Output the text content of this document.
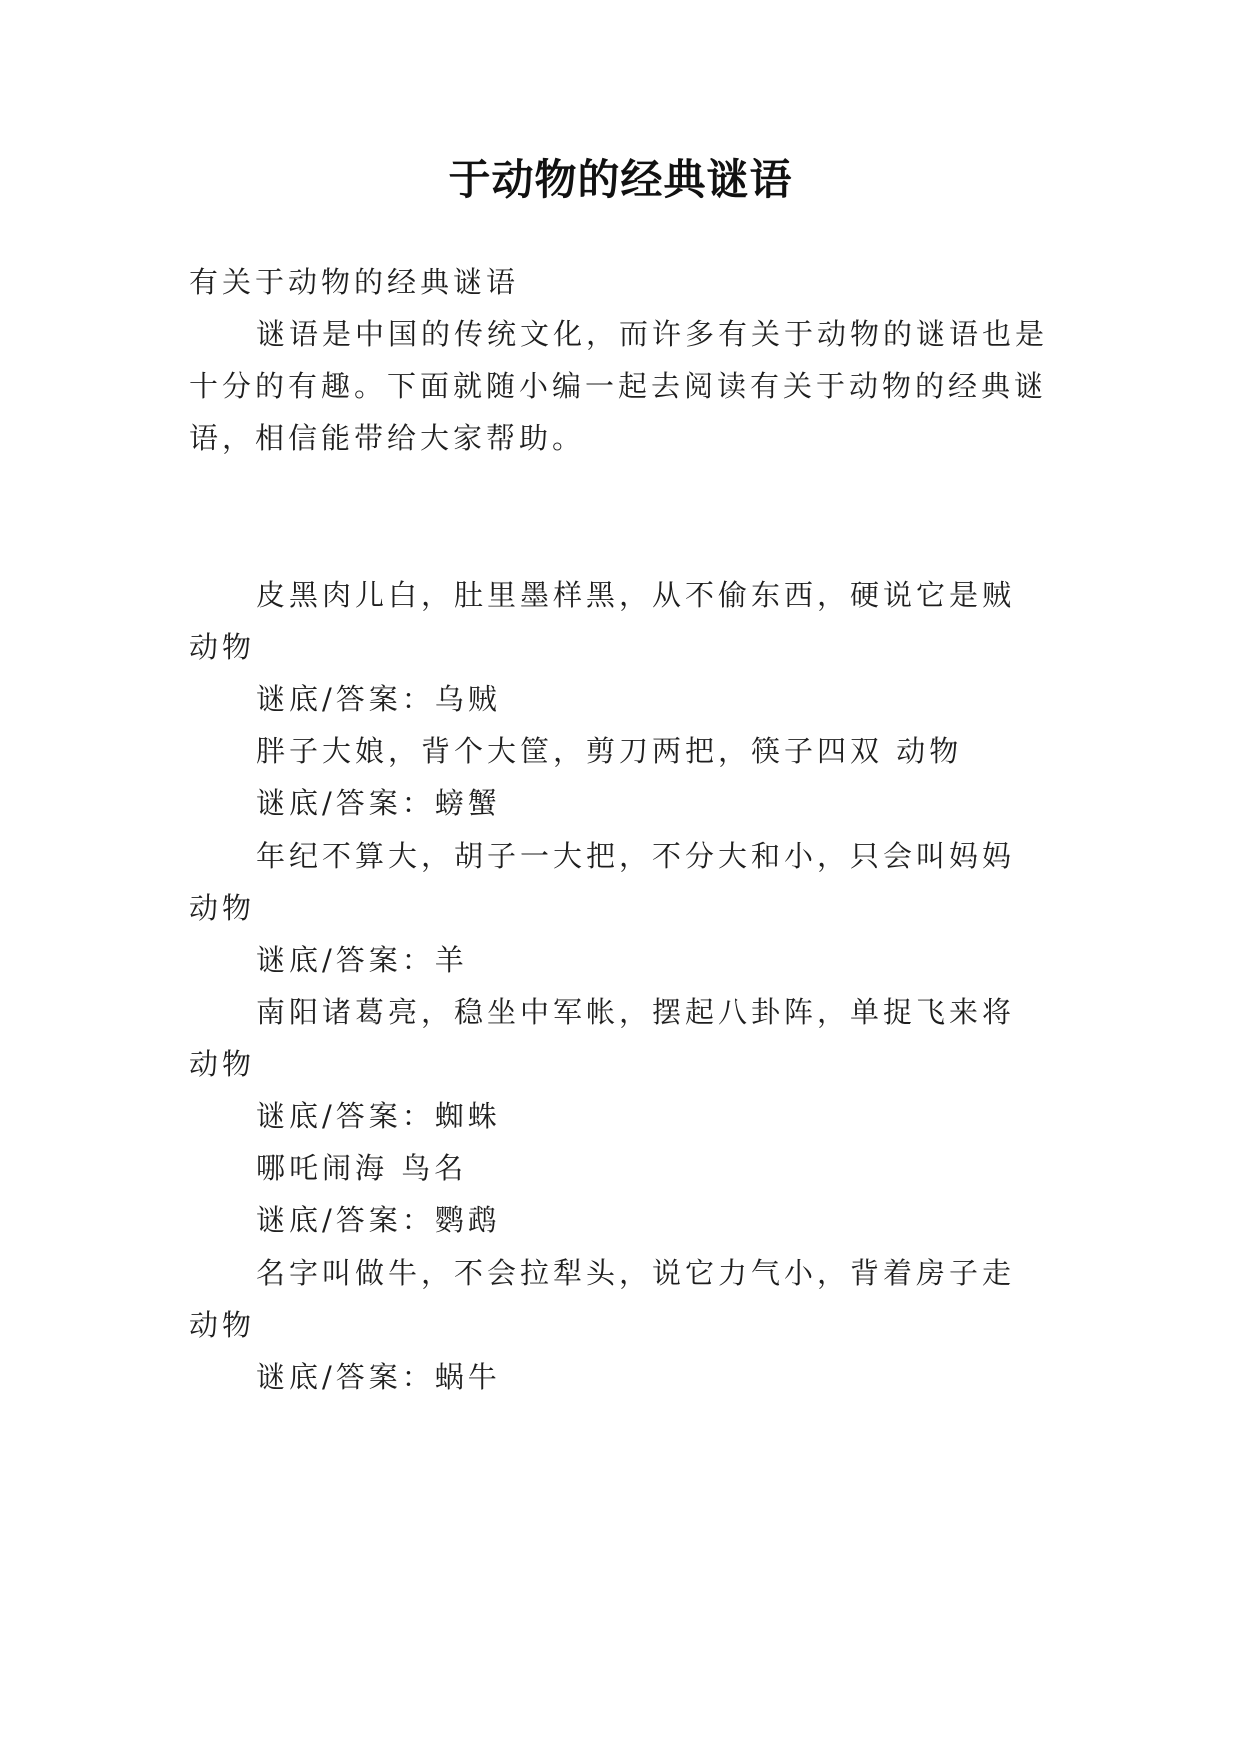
于动物的经典谜语
有关于动物的经典谜语
谜语是中国的传统文化，而许多有关于动物的谜语也是
十分的有趣。下面就随小编一起去阅读有关于动物的经典谜
语，相信能带给大家帮助。
皮黑肉儿白，肚里墨样黑，从不偷东西，硬说它是贼
动物
谜底/答案：乌贼
胖子大娘，背个大筐，剪刀两把，筷子四双 动物
谜底/答案：螃蟹
年纪不算大，胡子一大把，不分大和小，只会叫妈妈
动物
谜底/答案：羊
南阳诸葛亮，稳坐中军帐，摆起八卦阵，单捉飞来将
动物
谜底/答案：蜘蛛
哪吒闹海 鸟名
谜底/答案：鹦鹉
名字叫做牛，不会拉犁头，说它力气小，背着房子走
动物
谜底/答案：蜗牛
